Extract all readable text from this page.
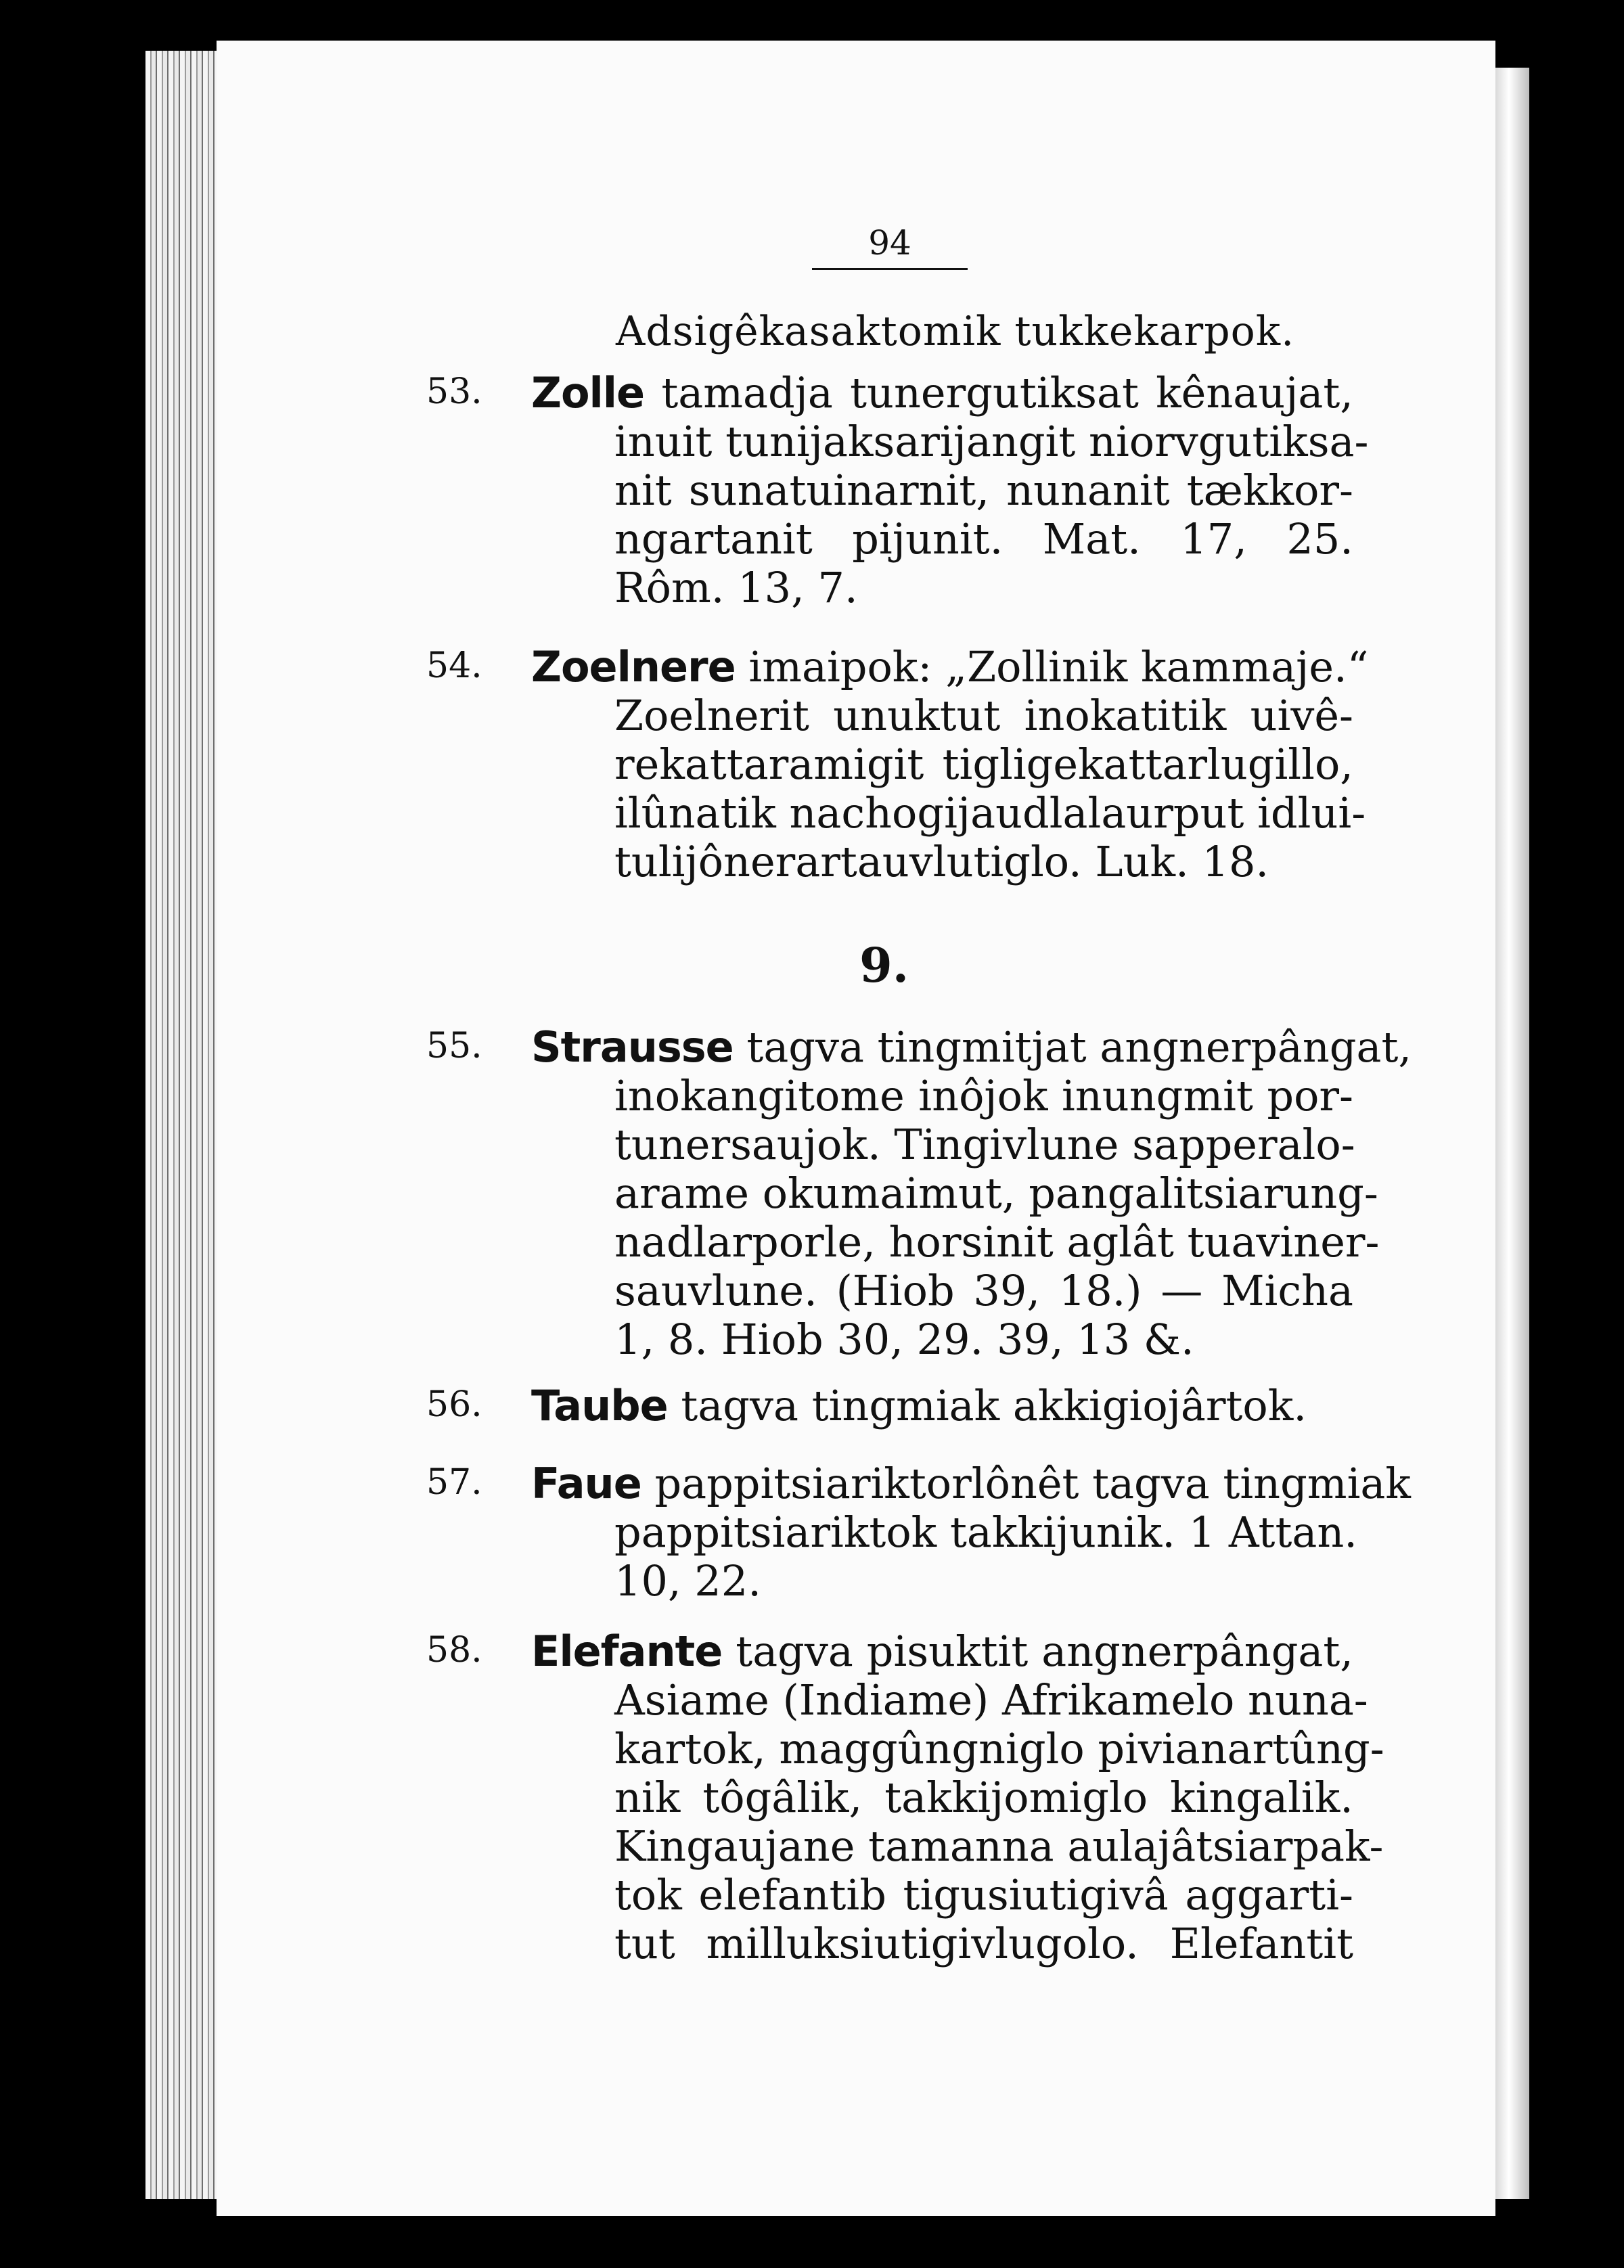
94
Adsigêkasaktomik tukkekarpok.
53. Zolle tamadja tunergutiksat kênaujat,
inuit tunijaksarijangit niorvgutiksa-
nit sunatuinarnit, nunanit tækkor-
ngartanit pijunit. Mat. 17, 25.
Rôm. 13, 7.
54. Zoelnere imaipok: „Zollinik kammaje.“
Zoelnerit unuktut inokatitik uivê-
rekattaramigit tigligekattarlugillo,
ilûnatik nachogijaudlalaurput idlui-
tulijônerartauvlutiglo. Luk. 18.
9.
55. Strausse tagva tingmitjat angnerpângat,
inokangitome inôjok inungmit por-
tunersaujok. Tingivlune sapperalo-
arame okumaimut, pangalitsiarung-
nadlarporle, horsinit aglât tuaviner-
sauvlune. (Hiob 39, 18.) — Micha
1, 8. Hiob 30, 29. 39, 13 &.
56. Taube tagva tingmiak akkigiojârtok.
57. Faue pappitsiariktorlônêt tagva tingmiak
pappitsiariktok takkijunik. 1 Attan.
10, 22.
58. Elefante tagva pisuktit angnerpângat,
Asiame (Indiame) Afrikamelo nuna-
kartok, maggûngniglo pivianartûng-
nik tôgâlik, takkijomiglo kingalik.
Kingaujane tamanna aulajâtsiarpak-
tok elefantib tigusiutigivâ aggarti-
tut milluksiutigivlugolo. Elefantit
